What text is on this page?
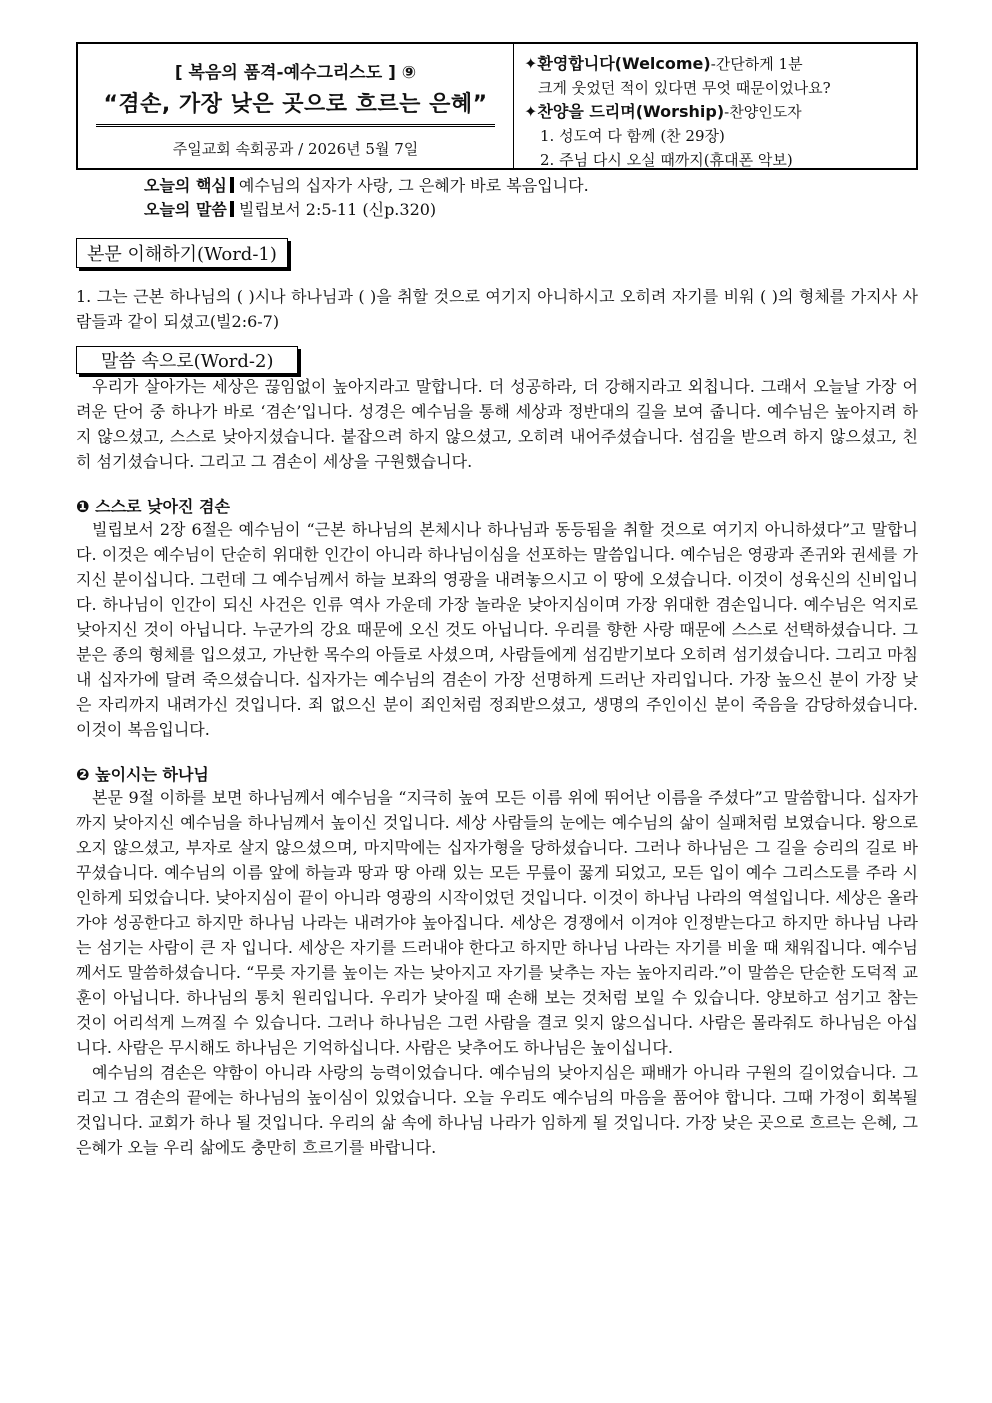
[ 복음의 품격-예수그리스도 ] ⑨
“겸손, 가장 낮은 곳으로 흐르는 은혜”
주일교회 속회공과 / 2026년 5월 7일
✦환영합니다(Welcome)-간단하게 1분
크게 웃었던 적이 있다면 무엇 때문이었나요?
✦찬양을 드리며(Worship)-찬양인도자
1. 성도여 다 함께 (찬 29장)
2. 주님 다시 오실 때까지(휴대폰 악보)
오늘의 핵심 예수님의 십자가 사랑, 그 은혜가 바로 복음입니다.
오늘의 말씀 빌립보서 2:5-11 (신p.320)
본문 이해하기(Word-1)

1. 그는 근본 하나님의 ( )시나 하나님과 ( )을 취할 것으로 여기지 아니하시고 오히려 자기를 비워 ( )의 형체를 가지사 사람들과 같이 되셨고(빌2:6-7)

말씀 속으로(Word-2)

우리가 살아가는 세상은 끊임없이 높아지라고 말합니다. 더 성공하라, 더 강해지라고 외칩니다. 그래서 오늘날 가장 어려운 단어 중 하나가 바로 ‘겸손’입니다. 성경은 예수님을 통해 세상과 정반대의 길을 보여 줍니다. 예수님은 높아지려 하지 않으셨고, 스스로 낮아지셨습니다. 붙잡으려 하지 않으셨고, 오히려 내어주셨습니다. 섬김을 받으려 하지 않으셨고, 친히 섬기셨습니다. 그리고 그 겸손이 세상을 구원했습니다.

❶ 스스로 낮아진 겸손

빌립보서 2장 6절은 예수님이 “근본 하나님의 본체시나 하나님과 동등됨을 취할 것으로 여기지 아니하셨다”고 말합니다. 이것은 예수님이 단순히 위대한 인간이 아니라 하나님이심을 선포하는 말씀입니다. 예수님은 영광과 존귀와 권세를 가지신 분이십니다. 그런데 그 예수님께서 하늘 보좌의 영광을 내려놓으시고 이 땅에 오셨습니다. 이것이 성육신의 신비입니다. 하나님이 인간이 되신 사건은 인류 역사 가운데 가장 놀라운 낮아지심이며 가장 위대한 겸손입니다. 예수님은 억지로 낮아지신 것이 아닙니다. 누군가의 강요 때문에 오신 것도 아닙니다. 우리를 향한 사랑 때문에 스스로 선택하셨습니다. 그분은 종의 형체를 입으셨고, 가난한 목수의 아들로 사셨으며, 사람들에게 섬김받기보다 오히려 섬기셨습니다. 그리고 마침내 십자가에 달려 죽으셨습니다. 십자가는 예수님의 겸손이 가장 선명하게 드러난 자리입니다. 가장 높으신 분이 가장 낮은 자리까지 내려가신 것입니다. 죄 없으신 분이 죄인처럼 정죄받으셨고, 생명의 주인이신 분이 죽음을 감당하셨습니다. 이것이 복음입니다.

❷ 높이시는 하나님

본문 9절 이하를 보면 하나님께서 예수님을 “지극히 높여 모든 이름 위에 뛰어난 이름을 주셨다”고 말씀합니다. 십자가까지 낮아지신 예수님을 하나님께서 높이신 것입니다. 세상 사람들의 눈에는 예수님의 삶이 실패처럼 보였습니다. 왕으로 오지 않으셨고, 부자로 살지 않으셨으며, 마지막에는 십자가형을 당하셨습니다. 그러나 하나님은 그 길을 승리의 길로 바꾸셨습니다. 예수님의 이름 앞에 하늘과 땅과 땅 아래 있는 모든 무릎이 꿇게 되었고, 모든 입이 예수 그리스도를 주라 시인하게 되었습니다. 낮아지심이 끝이 아니라 영광의 시작이었던 것입니다. 이것이 하나님 나라의 역설입니다. 세상은 올라가야 성공한다고 하지만 하나님 나라는 내려가야 높아집니다. 세상은 경쟁에서 이겨야 인정받는다고 하지만 하나님 나라는 섬기는 사람이 큰 자 입니다. 세상은 자기를 드러내야 한다고 하지만 하나님 나라는 자기를 비울 때 채워집니다. 예수님께서도 말씀하셨습니다. “무릇 자기를 높이는 자는 낮아지고 자기를 낮추는 자는 높아지리라.”이 말씀은 단순한 도덕적 교훈이 아닙니다. 하나님의 통치 원리입니다. 우리가 낮아질 때 손해 보는 것처럼 보일 수 있습니다. 양보하고 섬기고 참는 것이 어리석게 느껴질 수 있습니다. 그러나 하나님은 그런 사람을 결코 잊지 않으십니다. 사람은 몰라줘도 하나님은 아십니다. 사람은 무시해도 하나님은 기억하십니다. 사람은 낮추어도 하나님은 높이십니다.

예수님의 겸손은 약함이 아니라 사랑의 능력이었습니다. 예수님의 낮아지심은 패배가 아니라 구원의 길이었습니다. 그리고 그 겸손의 끝에는 하나님의 높이심이 있었습니다. 오늘 우리도 예수님의 마음을 품어야 합니다. 그때 가정이 회복될 것입니다. 교회가 하나 될 것입니다. 우리의 삶 속에 하나님 나라가 임하게 될 것입니다. 가장 낮은 곳으로 흐르는 은혜, 그 은혜가 오늘 우리 삶에도 충만히 흐르기를 바랍니다.
